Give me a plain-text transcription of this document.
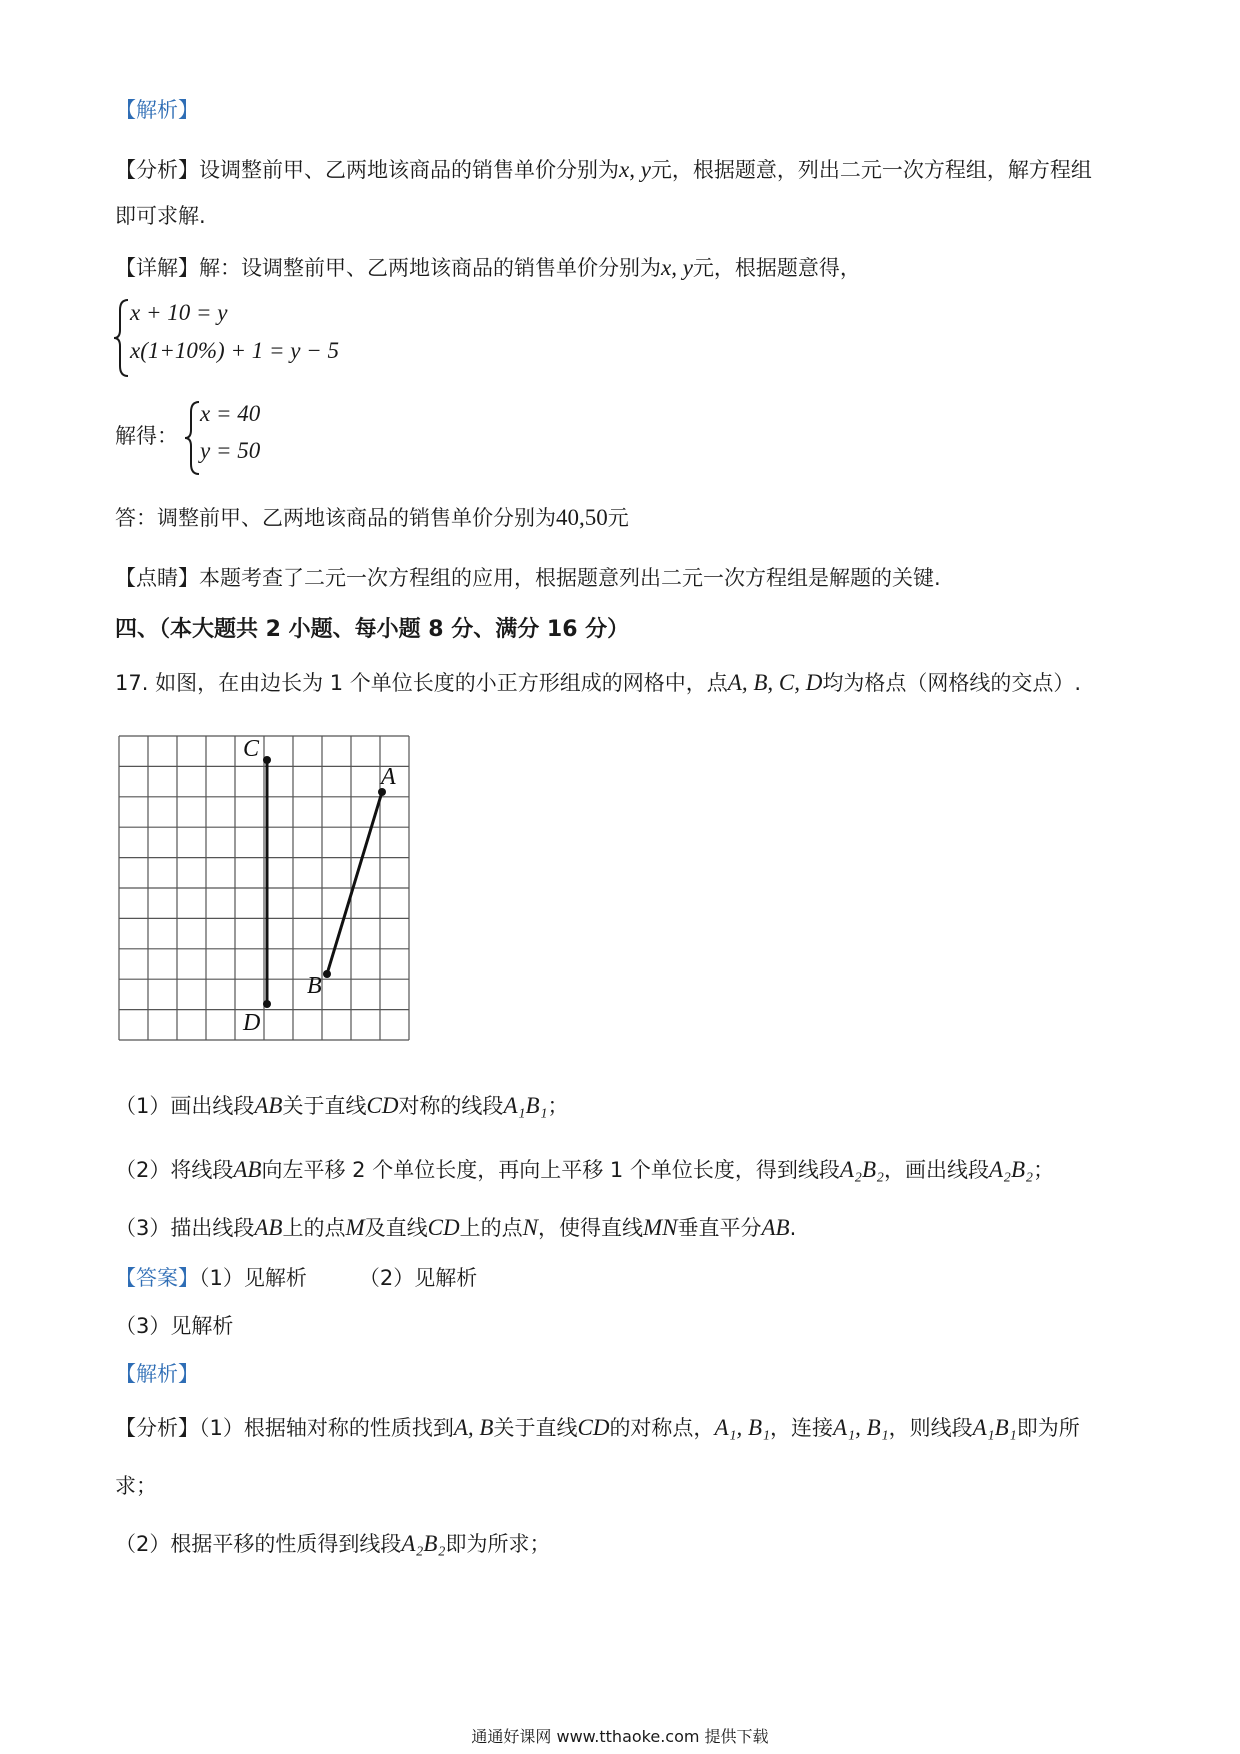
【解析】
【分析】设调整前甲、乙两地该商品的销售单价分别为x, y元，根据题意，列出二元一次方程组，解方程组
即可求解.
【详解】解：设调整前甲、乙两地该商品的销售单价分别为x, y元，根据题意得，
x + 10 = y
x(1+10%) + 1 = y − 5
解得：
x = 40
y = 50
答：调整前甲、乙两地该商品的销售单价分别为40,50元
【点睛】本题考查了二元一次方程组的应用，根据题意列出二元一次方程组是解题的关键.
四、（本大题共 2 小题、每小题 8 分、满分 16 分）
17. 如图，在由边长为 1 个单位长度的小正方形组成的网格中，点A, B, C, D均为格点（网格线的交点）.
C
A
B
D
（1）画出线段AB关于直线CD对称的线段A₁B₁；
（2）将线段AB向左平移 2 个单位长度，再向上平移 1 个单位长度，得到线段A₂B₂，画出线段A₂B₂；
（3）描出线段AB上的点M及直线CD上的点N，使得直线MN垂直平分AB.
【答案】（1）见解析 （2）见解析
（3）见解析
【解析】
【分析】（1）根据轴对称的性质找到A, B关于直线CD的对称点，A₁, B₁，连接A₁, B₁，则线段A₁B₁即为所
求；
（2）根据平移的性质得到线段A₂B₂即为所求；
通通好课网 www.tthaoke.com 提供下载
